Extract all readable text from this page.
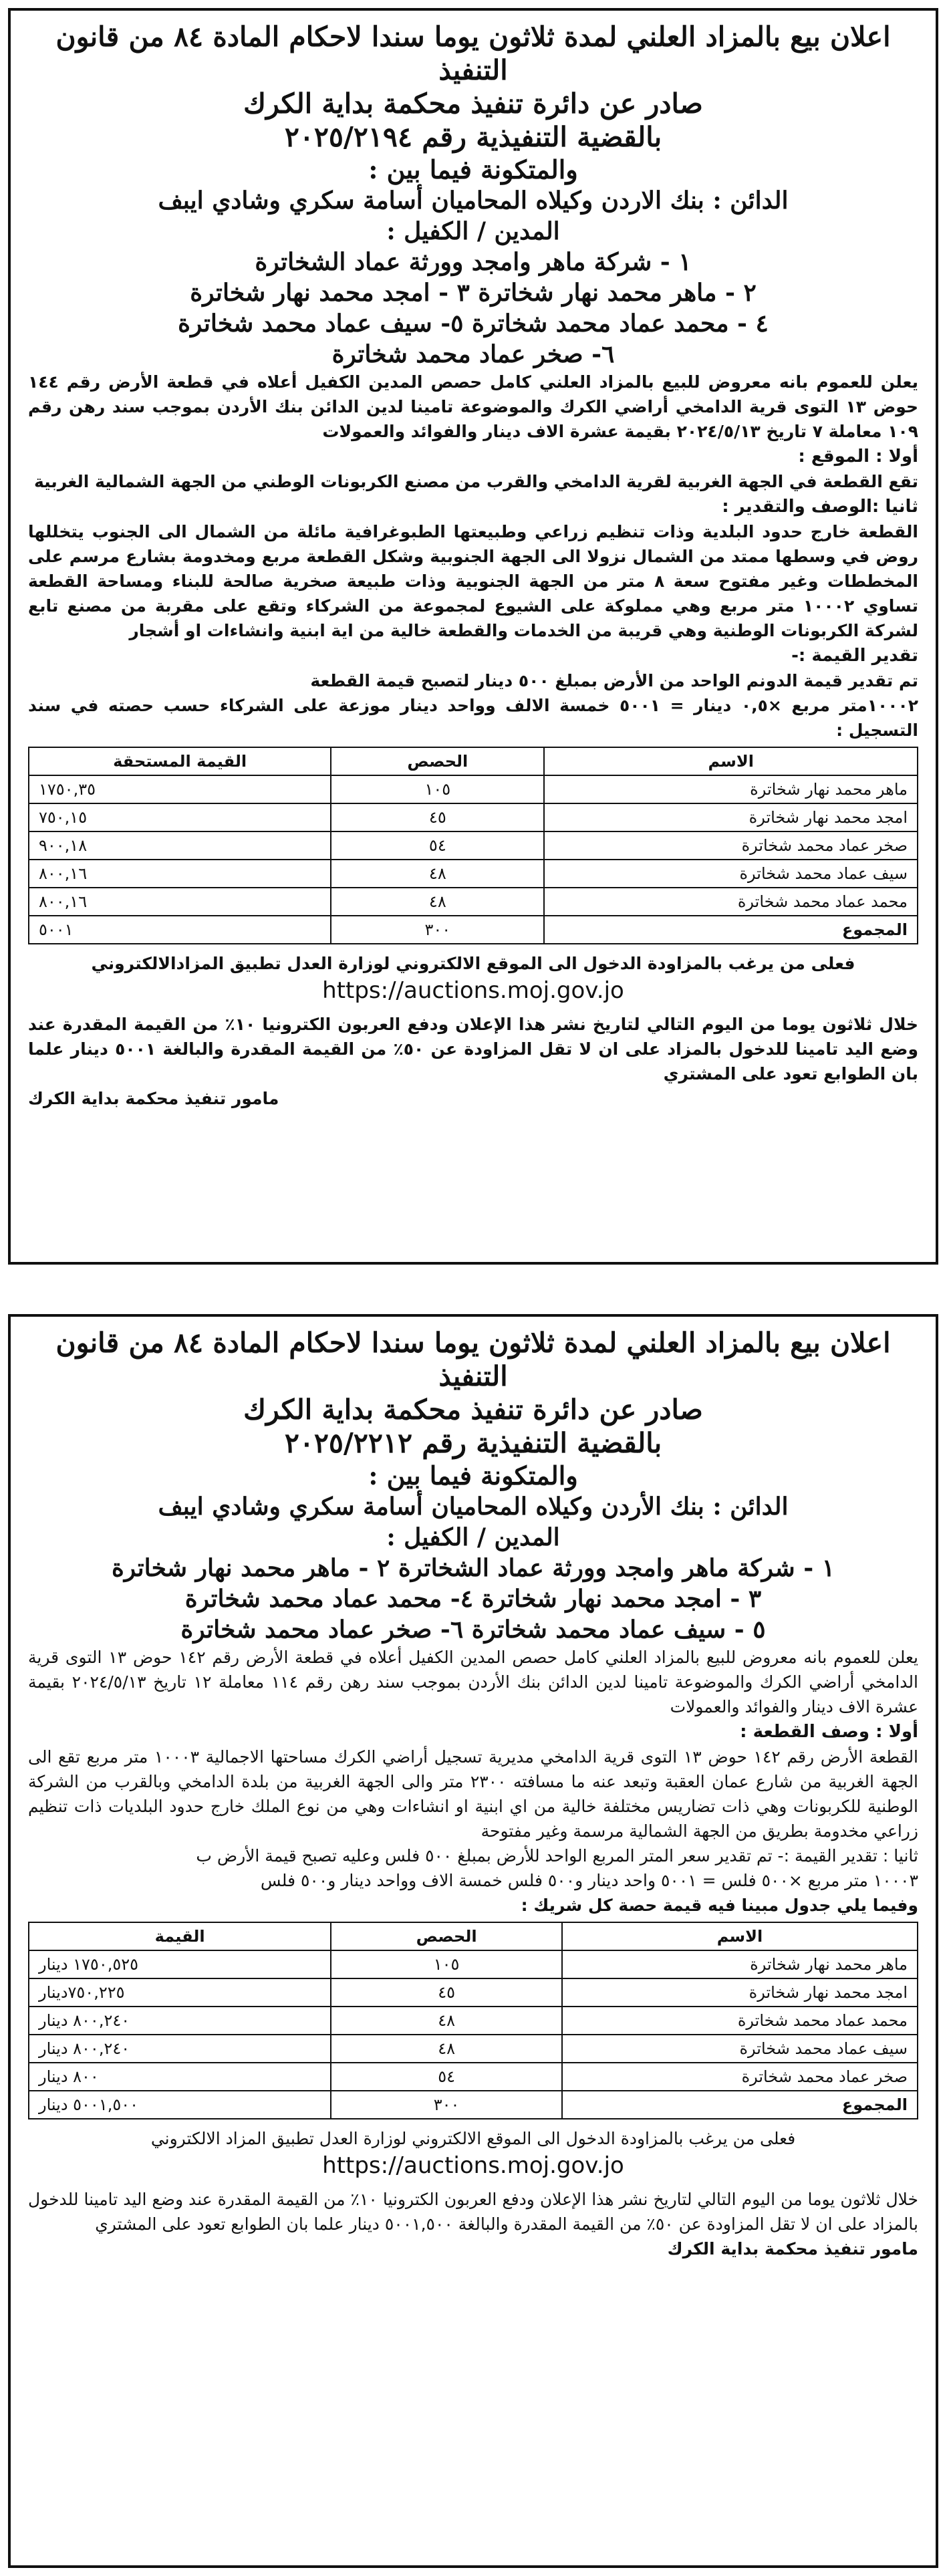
اعلان بيع بالمزاد العلني لمدة ثلاثون يوما سندا لاحكام المادة ٨٤ من قانون التنفيذ
صادر عن دائرة تنفيذ محكمة بداية الكرك
بالقضية التنفيذية رقم ٢٠٢٥/٢١٩٤
والمتكونة فيما بين :
الدائن : بنك الاردن وكيلاه المحاميان أسامة سكري وشادي ايبف
المدين / الكفيل :
١ - شركة ماهر وامجد وورثة عماد الشخاترة
٢ - ماهر محمد نهار شخاترة ٣ - امجد محمد نهار شخاترة
٤ - محمد عماد محمد شخاترة ٥- سيف عماد محمد شخاترة
٦- صخر عماد محمد شخاترة

يعلن للعموم بانه معروض للبيع بالمزاد العلني كامل حصص المدين الكفيل أعلاه في قطعة الأرض رقم ١٤٤ حوض ١٣ التوى قرية الدامخي أراضي الكرك والموضوعة تامينا لدين الدائن بنك الأردن بموجب سند رهن رقم ١٠٩ معاملة ٧ تاريخ ٢٠٢٤/٥/١٣ بقيمة عشرة الاف دينار والفوائد والعمولات

أولا : الموقع :

تقع القطعة في الجهة الغربية لقرية الدامخي والقرب من مصنع الكربونات الوطني من الجهة الشمالية الغربية

ثانيا :الوصف والتقدير :

القطعة خارج حدود البلدية وذات تنظيم زراعي وطبيعتها الطبوغرافية مائلة من الشمال الى الجنوب يتخللها روض في وسطها ممتد من الشمال نزولا الى الجهة الجنوبية وشكل القطعة مربع ومخدومة بشارع مرسم على المخططات وغير مفتوح سعة ٨ متر من الجهة الجنوبية وذات طبيعة صخرية صالحة للبناء ومساحة القطعة تساوي ١٠٠٠٢ متر مربع وهي مملوكة على الشيوع لمجموعة من الشركاء وتقع على مقربة من مصنع تابع لشركة الكربونات الوطنية وهي قريبة من الخدمات والقطعة خالية من اية ابنية وانشاءات او أشجار

تقدير القيمة :-

تم تقدير قيمة الدونم الواحد من الأرض بمبلغ ٥٠٠ دينار لتصبح قيمة القطعة

١٠٠٠٢متر مربع ×٠,٥ دينار = ٥٠٠١ خمسة الالف وواحد دينار موزعة على الشركاء حسب حصته في سند التسجيل :

الاسم	الحصص	القيمة المستحقة
ماهر محمد نهار شخاترة	١٠٥	١٧٥٠,٣٥
امجد محمد نهار شخاترة	٤٥	٧٥٠,١٥
صخر عماد محمد شخاترة	٥٤	٩٠٠,١٨
سيف عماد محمد شخاترة	٤٨	٨٠٠,١٦
محمد عماد محمد شخاترة	٤٨	٨٠٠,١٦
المجموع	٣٠٠	٥٠٠١

فعلى من يرغب بالمزاودة الدخول الى الموقع الالكتروني لوزارة العدل تطبيق المزادالالكتروني

https://auctions.moj.gov.jo

خلال ثلاثون يوما من اليوم التالي لتاريخ نشر هذا الإعلان ودفع العربون الكترونيا ١٠٪ من القيمة المقدرة عند وضع اليد تامينا للدخول بالمزاد على ان لا تقل المزاودة عن ٥٠٪ من القيمة المقدرة والبالغة ٥٠٠١ دينار علما بان الطوابع تعود على المشتري

مامور تنفيذ محكمة بداية الكرك
اعلان بيع بالمزاد العلني لمدة ثلاثون يوما سندا لاحكام المادة ٨٤ من قانون التنفيذ
صادر عن دائرة تنفيذ محكمة بداية الكرك
بالقضية التنفيذية رقم ٢٠٢٥/٢٢١٢
والمتكونة فيما بين :
الدائن : بنك الأردن وكيلاه المحاميان أسامة سكري وشادي ايبف
المدين / الكفيل :
١ - شركة ماهر وامجد وورثة عماد الشخاترة ٢ - ماهر محمد نهار شخاترة
٣ - امجد محمد نهار شخاترة ٤- محمد عماد محمد شخاترة
٥ - سيف عماد محمد شخاترة ٦- صخر عماد محمد شخاترة

يعلن للعموم بانه معروض للبيع بالمزاد العلني كامل حصص المدين الكفيل أعلاه في قطعة الأرض رقم ١٤٢ حوض ١٣ التوى قرية الدامخي أراضي الكرك والموضوعة تامينا لدين الدائن بنك الأردن بموجب سند رهن رقم ١١٤ معاملة ١٢ تاريخ ٢٠٢٤/٥/١٣ بقيمة عشرة الاف دينار والفوائد والعمولات

أولا : وصف القطعة :

القطعة الأرض رقم ١٤٢ حوض ١٣ التوى قرية الدامخي مديرية تسجيل أراضي الكرك مساحتها الاجمالية ١٠٠٠٣ متر مربع تقع الى الجهة الغربية من شارع عمان العقبة وتبعد عنه ما مسافته ٢٣٠٠ متر والى الجهة الغربية من بلدة الدامخي وبالقرب من الشركة الوطنية للكربونات وهي ذات تضاريس مختلفة خالية من اي ابنية او انشاءات وهي من نوع الملك خارج حدود البلديات ذات تنظيم زراعي مخدومة بطريق من الجهة الشمالية مرسمة وغير مفتوحة

ثانيا : تقدير القيمة :- تم تقدير سعر المتر المربع الواحد للأرض بمبلغ ٥٠٠ فلس وعليه تصبح قيمة الأرض ب

١٠٠٠٣ متر مربع ×٥٠٠ فلس = ٥٠٠١ واحد دينار و٥٠٠ فلس خمسة الاف وواحد دينار و٥٠٠ فلس

وفيما يلي جدول مبينا فيه قيمة حصة كل شريك :

الاسم	الحصص	القيمة
ماهر محمد نهار شخاترة	١٠٥	١٧٥٠,٥٢٥ دينار
امجد محمد نهار شخاترة	٤٥	٧٥٠,٢٢٥دينار
محمد عماد محمد شخاترة	٤٨	٨٠٠,٢٤٠ دينار
سيف عماد محمد شخاترة	٤٨	٨٠٠,٢٤٠ دينار
صخر عماد محمد شخاترة	٥٤	٨٠٠ دينار
المجموع	٣٠٠	٥٠٠١,٥٠٠ دينار

فعلى من يرغب بالمزاودة الدخول الى الموقع الالكتروني لوزارة العدل تطبيق المزاد الالكتروني

https://auctions.moj.gov.jo

خلال ثلاثون يوما من اليوم التالي لتاريخ نشر هذا الإعلان ودفع العربون الكترونيا ١٠٪ من القيمة المقدرة عند وضع اليد تامينا للدخول بالمزاد على ان لا تقل المزاودة عن ٥٠٪ من القيمة المقدرة والبالغة ٥٠٠١,٥٠٠ دينار علما بان الطوابع تعود على المشتري

مامور تنفيذ محكمة بداية الكرك
